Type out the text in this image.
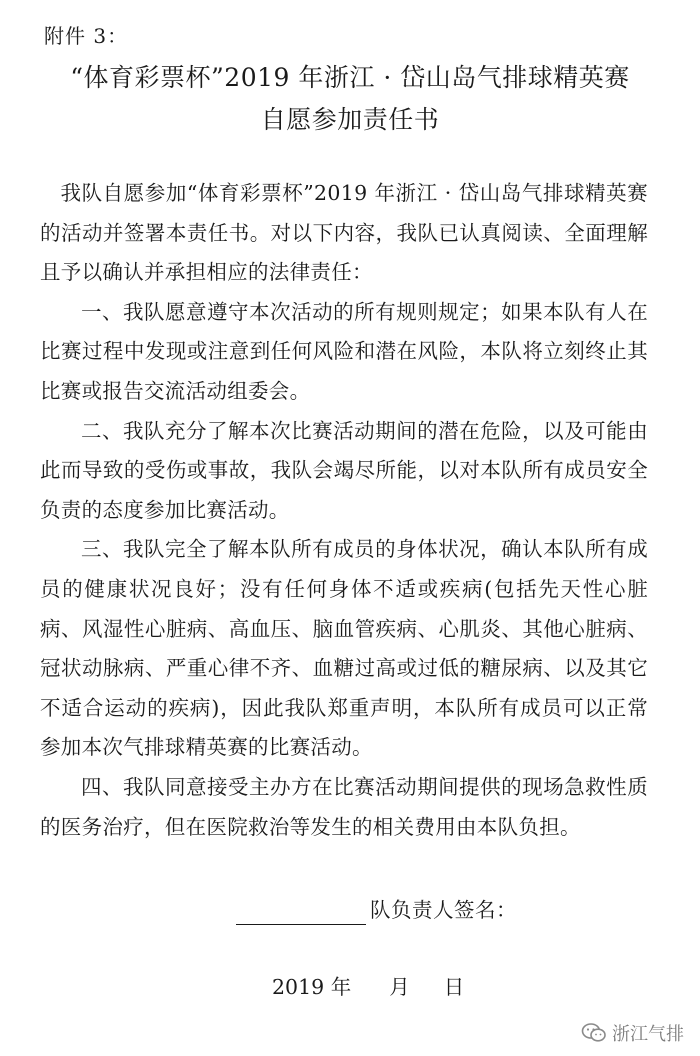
附件 3：
“体育彩票杯”2019 年浙江 · 岱山岛气排球精英赛
自愿参加责任书

我队自愿参加“体育彩票杯”2019 年浙江 · 岱山岛气排球精英赛的活动并签署本责任书。对以下内容，我队已认真阅读、全面理解且予以确认并承担相应的法律责任：

一、我队愿意遵守本次活动的所有规则规定；如果本队有人在比赛过程中发现或注意到任何风险和潜在风险，本队将立刻终止其比赛或报告交流活动组委会。

二、我队充分了解本次比赛活动期间的潜在危险，以及可能由此而导致的受伤或事故，我队会竭尽所能，以对本队所有成员安全负责的态度参加比赛活动。

三、我队完全了解本队所有成员的身体状况，确认本队所有成员的健康状况良好；没有任何身体不适或疾病(包括先天性心脏病、风湿性心脏病、高血压、脑血管疾病、心肌炎、其他心脏病、冠状动脉病、严重心律不齐、血糖过高或过低的糖尿病、以及其它不适合运动的疾病)，因此我队郑重声明，本队所有成员可以正常参加本次气排球精英赛的比赛活动。

四、我队同意接受主办方在比赛活动期间提供的现场急救性质的医务治疗，但在医院救治等发生的相关费用由本队负担。

队负责人签名：
2019 年 月 日
浙江气排
